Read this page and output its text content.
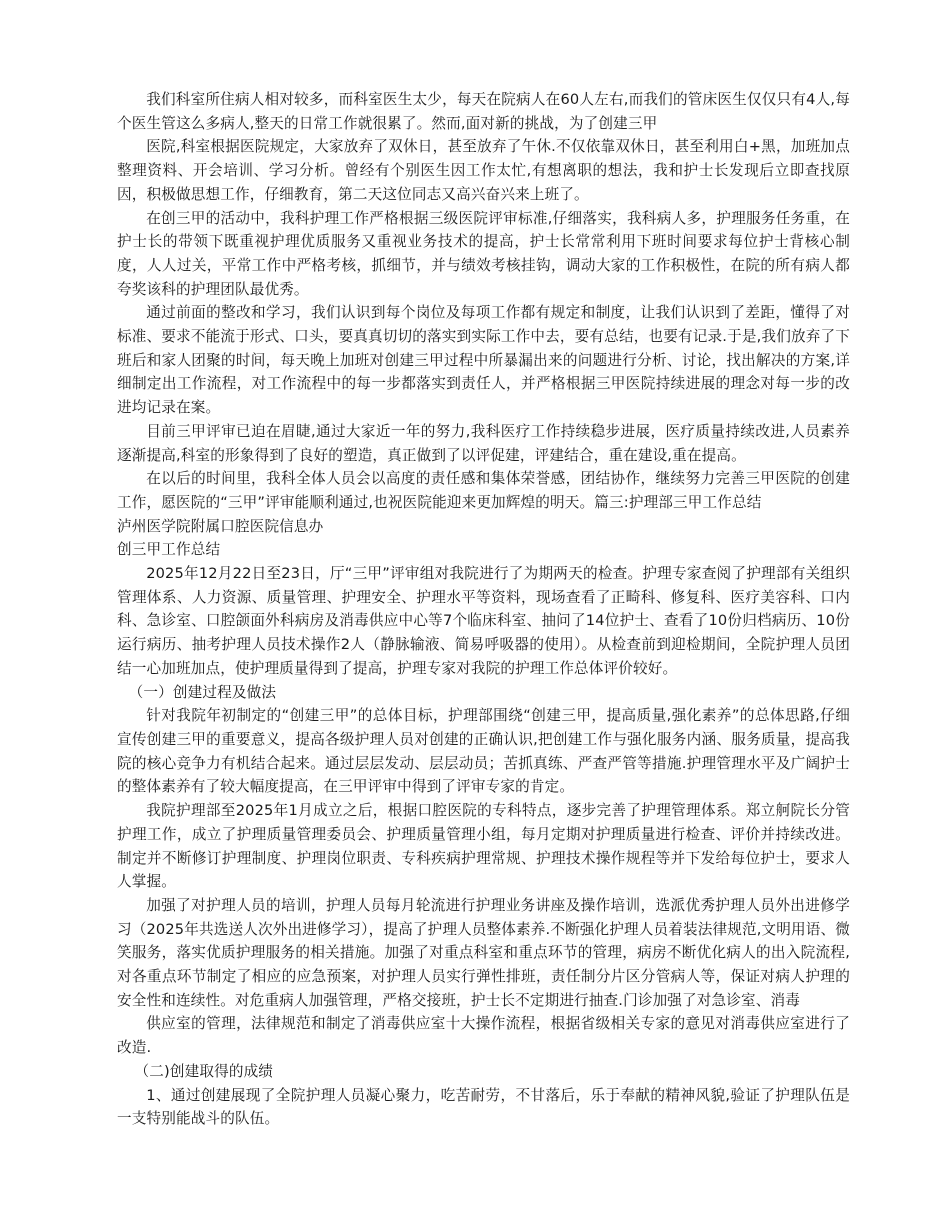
我们科室所住病人相对较多，而科室医生太少，每天在院病人在60人左右,而我们的管床医生仅仅只有4人,每个医生管这么多病人,整天的日常工作就很累了。然而,面对新的挑战，为了创建三甲

医院,科室根据医院规定，大家放弃了双休日，甚至放弃了午休.不仅依靠双休日，甚至利用白+黑，加班加点整理资料、开会培训、学习分析。曾经有个别医生因工作太忙,有想离职的想法，我和护士长发现后立即查找原因，积极做思想工作，仔细教育，第二天这位同志又高兴奋兴来上班了。

在创三甲的活动中，我科护理工作严格根据三级医院评审标准,仔细落实，我科病人多，护理服务任务重，在护士长的带领下既重视护理优质服务又重视业务技术的提高，护士长常常利用下班时间要求每位护士背核心制度，人人过关，平常工作中严格考核，抓细节，并与绩效考核挂钩，调动大家的工作积极性，在院的所有病人都夸奖该科的护理团队最优秀。

通过前面的整改和学习，我们认识到每个岗位及每项工作都有规定和制度，让我们认识到了差距，懂得了对标准、要求不能流于形式、口头，要真真切切的落实到实际工作中去，要有总结，也要有记录.于是,我们放弃了下班后和家人团聚的时间，每天晚上加班对创建三甲过程中所暴漏出来的问题进行分析、讨论，找出解决的方案,详细制定出工作流程，对工作流程中的每一步都落实到责任人，并严格根据三甲医院持续进展的理念对每一步的改进均记录在案。

目前三甲评审已迫在眉睫,通过大家近一年的努力,我科医疗工作持续稳步进展，医疗质量持续改进,人员素养逐渐提高,科室的形象得到了良好的塑造，真正做到了以评促建，评建结合，重在建设,重在提高。

在以后的时间里，我科全体人员会以高度的责任感和集体荣誉感，团结协作，继续努力完善三甲医院的创建工作，愿医院的“三甲”评审能顺利通过,也祝医院能迎来更加辉煌的明天。篇三:护理部三甲工作总结

泸州医学院附属口腔医院信息办

创三甲工作总结

2025年12月22日至23日，厅“三甲”评审组对我院进行了为期两天的检查。护理专家查阅了护理部有关组织管理体系、人力资源、质量管理、护理安全、护理水平等资料，现场查看了正畸科、修复科、医疗美容科、口内科、急诊室、口腔颌面外科病房及消毒供应中心等7个临床科室、抽问了14位护士、查看了10份归档病历、10份运行病历、抽考护理人员技术操作2人（静脉输液、简易呼吸器的使用）。从检查前到迎检期间，全院护理人员团结一心加班加点，使护理质量得到了提高，护理专家对我院的护理工作总体评价较好。

（一）创建过程及做法

针对我院年初制定的“创建三甲”的总体目标，护理部围绕“创建三甲，提高质量,强化素养”的总体思路,仔细宣传创建三甲的重要意义，提高各级护理人员对创建的正确认识,把创建工作与强化服务内涵、服务质量，提高我院的核心竞争力有机结合起来。通过层层发动、层层动员；苦抓真练、严查严管等措施.护理管理水平及广阔护士的整体素养有了较大幅度提高，在三甲评审中得到了评审专家的肯定。

我院护理部至2025年1月成立之后，根据口腔医院的专科特点，逐步完善了护理管理体系。郑立舸院长分管护理工作，成立了护理质量管理委员会、护理质量管理小组，每月定期对护理质量进行检查、评价并持续改进。制定并不断修订护理制度、护理岗位职责、专科疾病护理常规、护理技术操作规程等并下发给每位护士，要求人人掌握。

加强了对护理人员的培训，护理人员每月轮流进行护理业务讲座及操作培训，选派优秀护理人员外出进修学习（2025年共选送人次外出进修学习），提高了护理人员整体素养.不断强化护理人员着装法律规范,文明用语、微笑服务，落实优质护理服务的相关措施。加强了对重点科室和重点环节的管理，病房不断优化病人的出入院流程,对各重点环节制定了相应的应急预案，对护理人员实行弹性排班，责任制分片区分管病人等，保证对病人护理的安全性和连续性。对危重病人加强管理，严格交接班，护士长不定期进行抽查.门诊加强了对急诊室、消毒

供应室的管理，法律规范和制定了消毒供应室十大操作流程，根据省级相关专家的意见对消毒供应室进行了改造.

（二)创建取得的成绩

1、通过创建展现了全院护理人员凝心聚力，吃苦耐劳，不甘落后，乐于奉献的精神风貌,验证了护理队伍是一支特别能战斗的队伍。
